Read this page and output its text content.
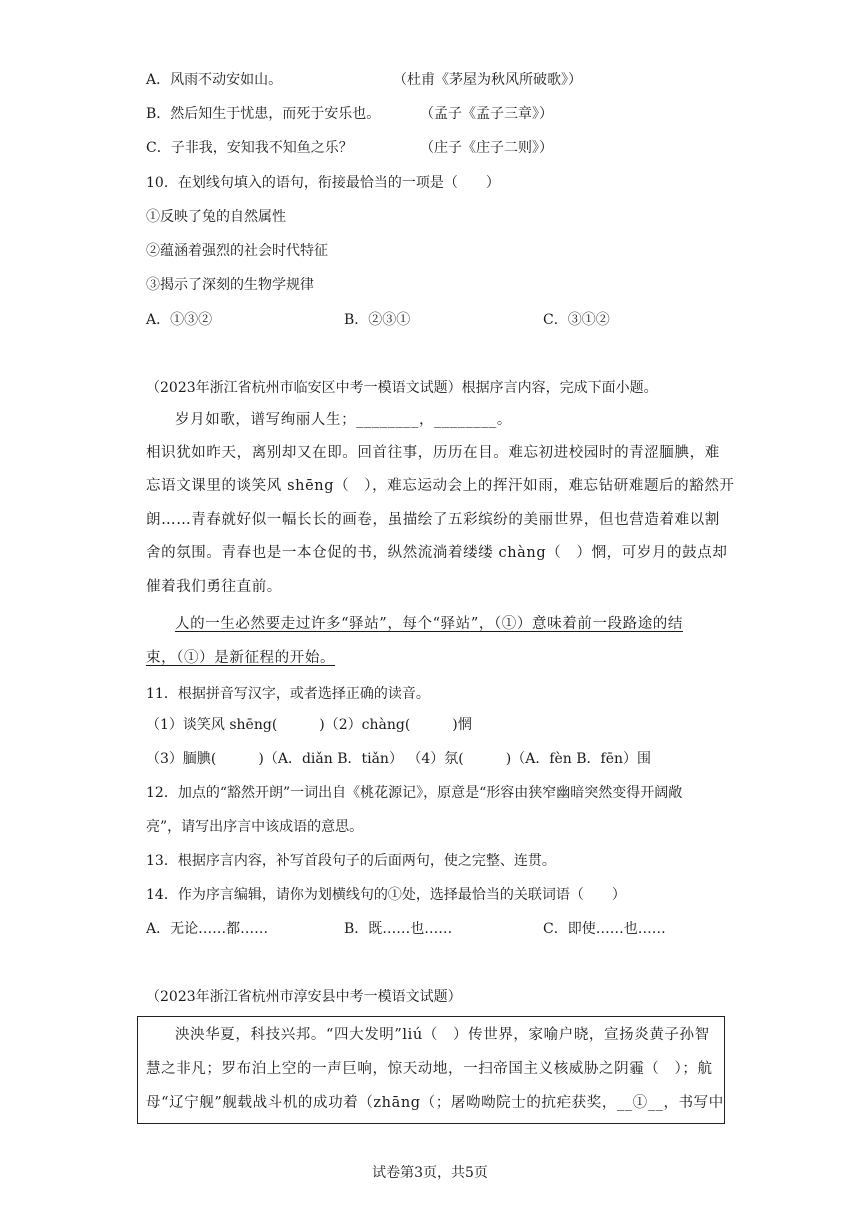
A．风雨不动安如山。	（杜甫《茅屋为秋风所破歌》）
B．然后知生于忧患，而死于安乐也。	（孟子《孟子三章》）
C．子非我，安知我不知鱼之乐？	（庄子《庄子二则》）
10．在划线句填入的语句，衔接最恰当的一项是（　　）
①反映了兔的自然属性
②蕴涵着强烈的社会时代特征
③揭示了深刻的生物学规律
A．①③②	B．②③①	C．③①②
（2023年浙江省杭州市临安区中考一模语文试题）根据序言内容，完成下面小题。
岁月如歌，谱写绚丽人生；________，________。
相识犹如昨天，离别却又在即。回首往事，历历在目。难忘初进校园时的青涩腼腆，难
忘语文课里的谈笑风 shēng（　），难忘运动会上的挥汗如雨，难忘钻研难题后的豁然开
朗……青春就好似一幅长长的画卷，虽描绘了五彩缤纷的美丽世界，但也营造着难以割
舍的氛围。青春也是一本仓促的书，纵然流淌着缕缕 chàng（　）惘，可岁月的鼓点却
催着我们勇往直前。
人的一生必然要走过许多“驿站”，每个“驿站”，（①）意味着前一段路途的结
束，（①）是新征程的开始。
11．根据拼音写汉字，或者选择正确的读音。
（1）谈笑风 shēng(　　　)（2）chàng(　　　)惘
（3）腼腆(　　　)（A．diǎn B．tiǎn） （4）氛(　　　)（A．fèn B．fēn）围
12．加点的“豁然开朗”一词出自《桃花源记》，原意是“形容由狭窄幽暗突然变得开阔敞
亮”，请写出序言中该成语的意思。
13．根据序言内容，补写首段句子的后面两句，使之完整、连贯。
14．作为序言编辑，请你为划横线句的①处，选择最恰当的关联词语（　　）
A．无论……都……	B．既……也……	C．即使……也……
（2023年浙江省杭州市淳安县中考一模语文试题）
泱泱华夏，科技兴邦。“四大发明”liú（　）传世界，家喻户晓，宣扬炎黄子孙智
慧之非凡；罗布泊上空的一声巨响，惊天动地，一扫帝国主义核威胁之阴霾（　）；航
母“辽宁舰”舰载战斗机的成功着（zhāng（；屠呦呦院士的抗疟获奖，__①__，书写中
试卷第3页，共5页
